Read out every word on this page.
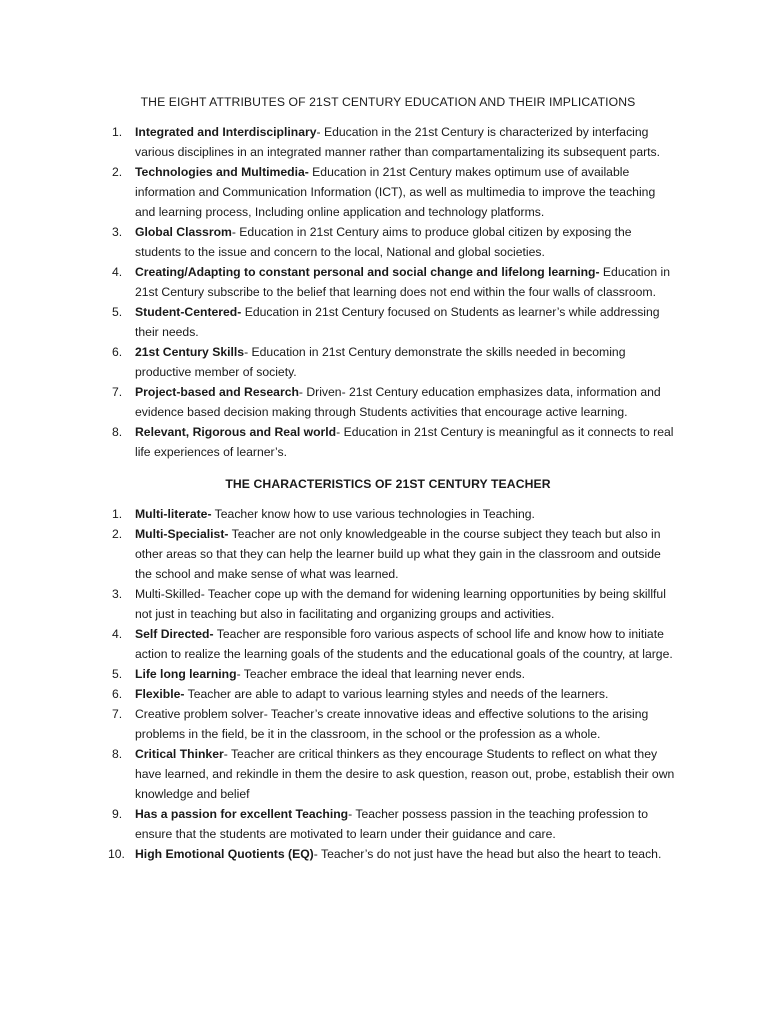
THE EIGHT ATTRIBUTES OF 21ST CENTURY EDUCATION AND THEIR IMPLICATIONS
1.	Integrated and Interdisciplinary- Education in the 21st Century is characterized by interfacing various disciplines in an integrated manner rather than compartamentalizing its subsequent parts.
2.	Technologies and Multimedia- Education in 21st Century makes optimum use of available information and Communication Information (ICT), as well as multimedia to improve the teaching and learning process, Including online application and technology platforms.
3.	Global Classrom- Education in 21st Century aims to produce global citizen by exposing the students to the issue and concern to the local, National and global societies.
4.	Creating/Adapting to constant personal and social change and lifelong learning- Education in 21st Century subscribe to the belief that learning does not end within the four walls of classroom.
5.	Student-Centered- Education in 21st Century focused on Students as learner’s while addressing their needs.
6.	21st Century Skills- Education in 21st Century demonstrate the skills needed in becoming productive member of society.
7.	Project-based and Research- Driven- 21st Century education emphasizes data, information and evidence based decision making through Students activities that encourage active learning.
8.	Relevant, Rigorous and Real world- Education in 21st Century is meaningful as it connects to real life experiences of learner’s.
THE CHARACTERISTICS OF 21ST CENTURY TEACHER
1.	Multi-literate- Teacher know how to use various technologies in Teaching.
2.	Multi-Specialist- Teacher are not only knowledgeable in the course subject they teach but also in other areas so that they can help the learner build up what they gain in the classroom and outside the school and make sense of what was learned.
3.	Multi-Skilled- Teacher cope up with the demand for widening learning opportunities by being skillful not just in teaching but also in facilitating and organizing groups and activities.
4.	Self Directed- Teacher are responsible foro various aspects of school life and know how to initiate action to realize the learning goals of the students and the educational goals of the country, at large.
5.	Life long learning- Teacher embrace the ideal that learning never ends.
6.	Flexible- Teacher are able to adapt to various learning styles and needs of the learners.
7.	Creative problem solver- Teacher’s create innovative ideas and effective solutions to the arising problems in the field, be it in the classroom, in the school or the profession as a whole.
8.	Critical Thinker- Teacher are critical thinkers as they encourage Students to reflect on what they have learned, and rekindle in them the desire to ask question, reason out, probe, establish their own knowledge and belief
9.	Has a passion for excellent Teaching- Teacher possess passion in the teaching profession to ensure that the students are motivated to learn under their guidance and care.
10. High Emotional Quotients (EQ)- Teacher’s do not just have the head but also the heart to teach.
